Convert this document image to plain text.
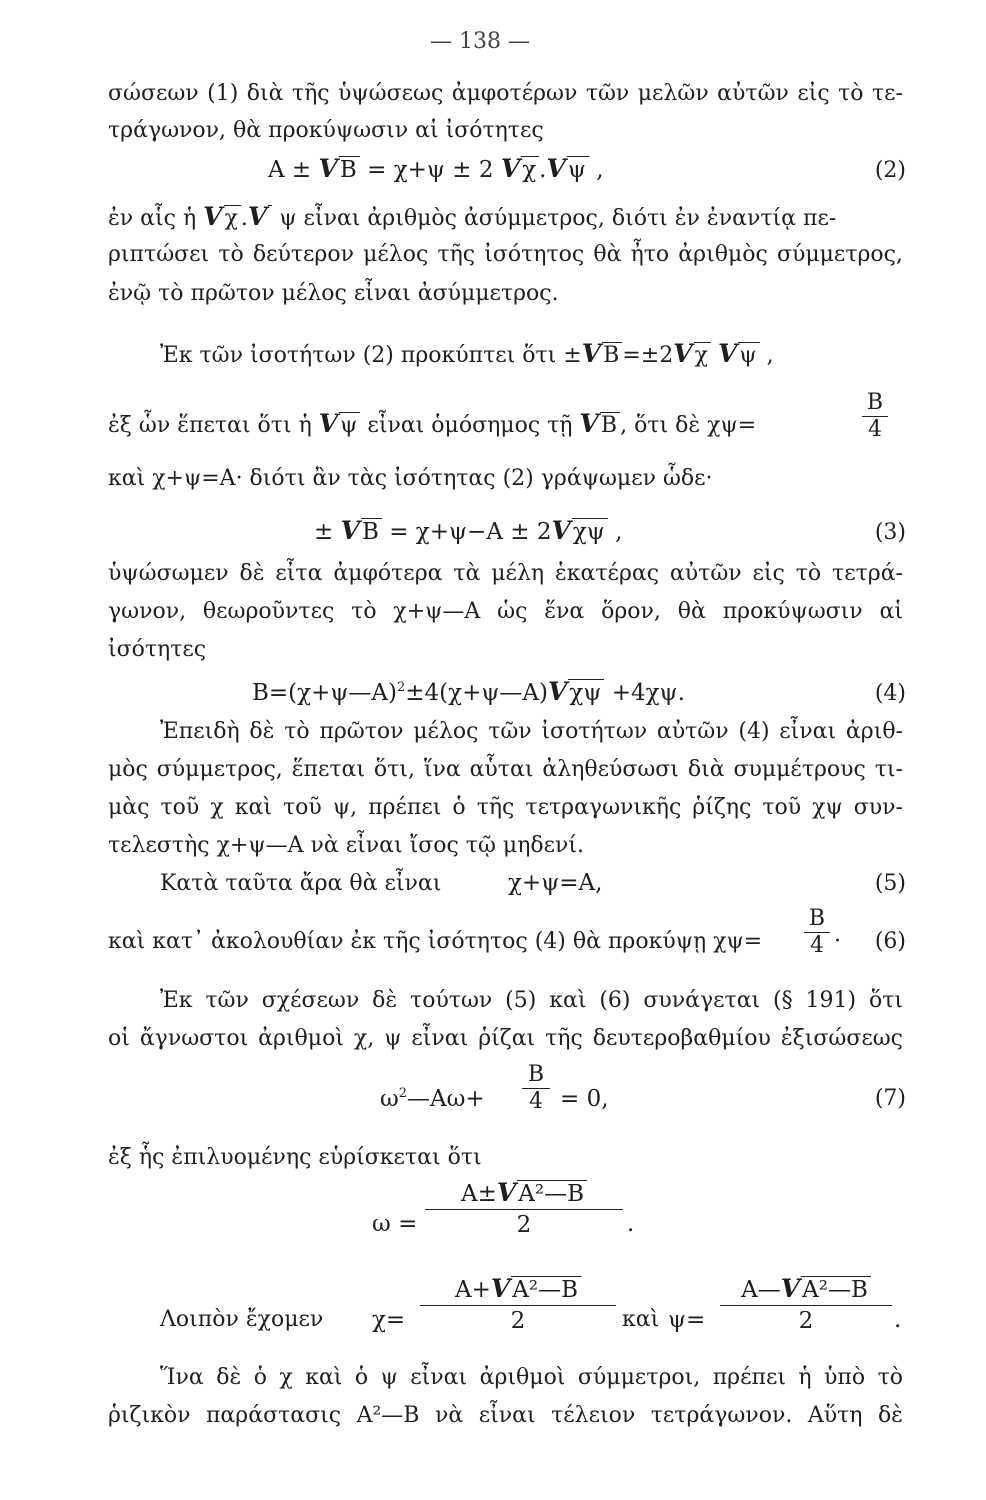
— 138 —
σώσεων (1) διὰ τῆς ὑψώσεως ἀμφοτέρων τῶν μελῶν αὐτῶν εἰς τὸ τε-
τράγωνον, θὰ προκύψωσιν αἱ ἰσότητες
Α ± VΒ = χ+ψ ± 2 Vχ .Vψ ,	(2)
ἐν αἷς ἡ Vχ .V ψ εἶναι ἀριθμὸς ἀσύμμετρος, διότι ἐν ἐναντίᾳ πε-
ριπτώσει τὸ δεύτερον μέλος τῆς ἰσότητος θὰ ἦτο ἀριθμὸς σύμμετρος,
ἐνῷ τὸ πρῶτον μέλος εἶναι ἀσύμμετρος.
Ἐκ τῶν ἰσοτήτων (2) προκύπτει ὅτι ±VΒ =±2Vχ Vψ ,
ἐξ ὧν ἕπεται ὅτι ἡ Vψ εἶναι ὁμόσημος τῇ VΒ , ὅτι δὲ χψ=
Β
4
καὶ χ+ψ=Α· διότι ἂν τὰς ἰσότητας (2) γράψωμεν ὧδε·
± VΒ = χ+ψ−Α ± 2Vχψ ,	(3)
ὑψώσωμεν δὲ εἶτα ἀμφότερα τὰ μέλη ἑκατέρας αὐτῶν εἰς τὸ τετρά-
γωνον, θεωροῦντες τὸ χ+ψ—Α ὡς ἕνα ὅρον, θὰ προκύψωσιν αἱ
ἰσότητες
Β=(χ+ψ—Α)$^2$±4(χ+ψ—Α)Vχψ +4χψ.	(4)
Ἐπειδὴ δὲ τὸ πρῶτον μέλος τῶν ἰσοτήτων αὐτῶν (4) εἶναι ἀριθ-
μὸς σύμμετρος, ἕπεται ὅτι, ἵνα αὗται ἀληθεύσωσι διὰ συμμέτρους τι-
μὰς τοῦ χ καὶ τοῦ ψ, πρέπει ὁ τῆς τετραγωνικῆς ῥίζης τοῦ χψ συν-
τελεστὴς χ+ψ—Α νὰ εἶναι ἴσος τῷ μηδενί.
Κατὰ ταῦτα ἄρα θὰ εἶναι	χ+ψ=Α,	(5)
καὶ κατ᾽ ἀκολουθίαν ἐκ τῆς ἰσότητος (4) θὰ προκύψῃ χψ=
Β
4 · (6)
Ἐκ τῶν σχέσεων δὲ τούτων (5) καὶ (6) συνάγεται (§ 191) ὅτι
οἱ ἄγνωστοι ἀριθμοὶ χ, ψ εἶναι ῥίζαι τῆς δευτεροβαθμίου ἐξισώσεως
$\omega^2—A\omega+$
Β
4 = 0,	(7)
ἐξ ἧς ἐπιλυομένης εὑρίσκεται ὅτι
ω =
Α±VΑ²—Β
2	.
Λοιπὸν ἔχομεν χ=
Α+VΑ²—Β
2	καὶ ψ=
Α—VΑ²—Β
2	.
Ἵνα δὲ ὁ χ καὶ ὁ ψ εἶναι ἀριθμοὶ σύμμετροι, πρέπει ἡ ὑπὸ τὸ
ῥιζικὸν παράστασις Α²—Β νὰ εἶναι τέλειον τετράγωνον. Αὕτη δὲ
